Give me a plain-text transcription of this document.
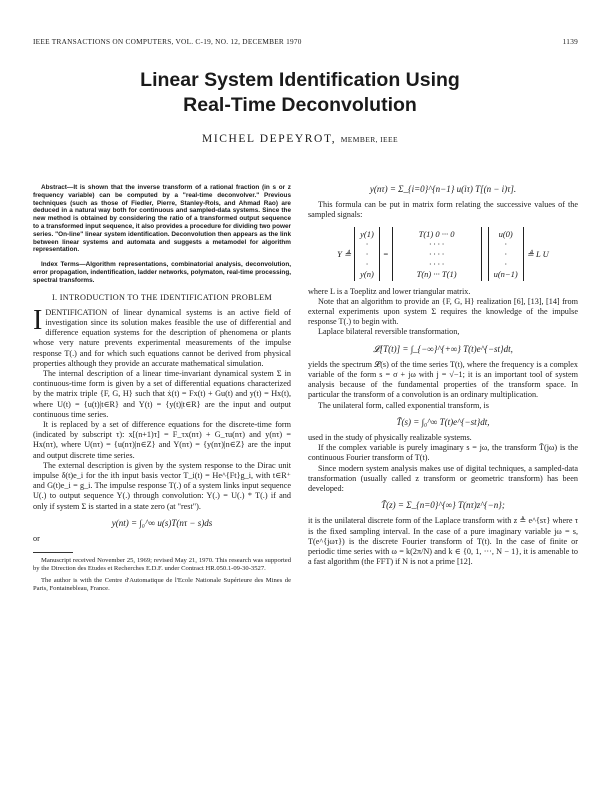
IEEE TRANSACTIONS ON COMPUTERS, VOL. C-19, NO. 12, DECEMBER 1970	1139
Linear System Identification Using
Real-Time Deconvolution
MICHEL DEPEYROT, MEMBER, IEEE
Abstract—It is shown that the inverse transform of a rational fraction (in s or z frequency variable) can be computed by a "real-time deconvolver." Previous techniques (such as those of Fiedler, Pierre, Stanley-Rols, and Ahmad Rao) are deduced in a natural way both for continuous and sampled-data systems. Since the new method is obtained by considering the ratio of a transformed output sequence to a transformed input sequence, it also provides a procedure for dividing two power series. "On-line" linear system identification. Deconvolution then appears as the link between linear systems and automata and suggests a metamodel for algorithm representation.
Index Terms—Algorithm representations, combinatorial analysis, deconvolution, error propagation, indentification, ladder networks, polymaton, real-time processing, spectral transforms.
I. INTRODUCTION TO THE IDENTIFICATION PROBLEM

IDENTIFICATION of linear dynamical systems is an active field of investigation since its solution makes feasible the use of differential and difference equation systems for the description of phenomena or plants whose very nature prevents experimental measurements of the impulse response T(.) and for which such equations cannot be derived from physical properties although they provide an accurate mathematical simulation.

The internal description of a linear time-invariant dynamical system Σ in continuous-time form is given by a set of differential equations characterized by the matrix triple {F, G, H} such that ẋ(t) = Fx(t) + Gu(t) and y(t) = Hx(t), where U(t) = {u(t)|t∈R} and Y(t) = {y(t)|t∈R} are the input and output continuous time series.

It is replaced by a set of difference equations for the discrete-time form (indicated by subscript τ): x[(n+1)τ] = F_τx(nτ) + G_τu(nτ) and y(nτ) = Hx(nτ), where U(nτ) = {u(nτ)|n∈Z} and Y(nτ) = {y(nτ)|n∈Z} are the input and output discrete time series.

The external description is given by the system response to the Dirac unit impulse δ(t)e_i for the ith input basis vector T_i(t) = He^{Ft}g_i, with t∈R⁺ and G(t)e_i = g_i. The impulse response T(.) of a system links input sequence U(.) to output sequence Y(.) through convolution: Y(.) = U(.) * T(.) if and only if system Σ is started in a state zero (at "rest").

y(nt) = ∫₀^∞ u(s)T(nτ − s)ds
or
Manuscript received November 25, 1969; revised May 21, 1970. This research was supported by the Direction des Etudes et Recherches E.D.F. under Contract HR.050.1-09-30-3527.
The author is with the Centre d'Automatique de l'Ecole Nationale Supérieure des Mines de Paris, Fontainebleau, France.
y(nτ) = Σ_{i=0}^{n−1} u(iτ) T[(n − i)τ].

This formula can be put in matrix form relating the successive values of the sampled signals:

Y ≜
y(1)
·
·
·
y(n)
=
T(1) 0 ··· 0
· · · ·
· · · ·
· · · ·
T(n) ··· T(1)
u(0)
·
·
·
u(n−1)
≜ L U

where L is a Toeplitz and lower triangular matrix.

Note that an algorithm to provide an {F, G, H} realization [6], [13], [14] from external experiments upon system Σ requires the knowledge of the impulse response T(.) to begin with.

Laplace bilateral reversible transformation,

𝓛[T(t)] = ∫_{−∞}^{+∞} T(t)e^{−st}dt,

yields the spectrum 𝓛(s) of the time series T(t), where the frequency is a complex variable of the form s = σ + jω with j = √−1; it is an important tool of system analysis because of the fundamental properties of the transform space. In particular the transform of a convolution is an ordinary multiplication.

The unilateral form, called exponential transform, is

T̃(s) = ∫₀^∞ T(t)e^{−st}dt,

used in the study of physically realizable systems.

If the complex variable is purely imaginary s = jω, the transform T̃(jω) is the continuous Fourier transform of T(t).

Since modern system analysis makes use of digital techniques, a sampled-data transformation (usually called z transform or geometric transform) has been developed:

T̃(z) = Σ_{n=0}^{∞} T(nτ)z^{−n};

it is the unilateral discrete form of the Laplace transform with z ≜ e^{sτ} where τ is the fixed sampling interval. In the case of a pure imaginary variable jω = s, T(e^{jωτ}) is the discrete Fourier transform of T(t). In the case of finite or periodic time series with ω = k(2π/N) and k ∈ {0, 1, ···, N − 1}, it is amenable to a fast algorithm (the FFT) if N is not a prime [12].
